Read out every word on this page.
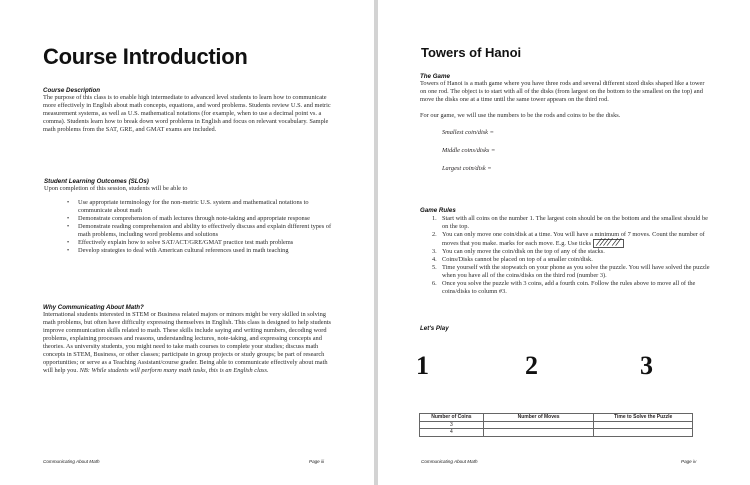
Course Introduction
Course Description
The purpose of this class is to enable high intermediate to advanced level students to learn how to communicate more effectively in English about math concepts, equations, and word problems. Students review U.S. and metric measurement systems, as well as U.S. mathematical notations (for example, when to use a decimal point vs. a comma). Students learn how to break down word problems in English and focus on relevant vocabulary. Sample math problems from the SAT, GRE, and GMAT exams are included.
Student Learning Outcomes (SLOs)
Upon completion of this session, students will be able to
• Use appropriate terminology for the non-metric U.S. system and mathematical notations to communicate about math
• Demonstrate comprehension of math lectures through note-taking and appropriate response
• Demonstrate reading comprehension and ability to effectively discuss and explain different types of math problems, including word problems and solutions
• Effectively explain how to solve SAT/ACT/GRE/GMAT practice test math problems
• Develop strategies to deal with American cultural references used in math teaching
Why Communicating About Math?
International students interested in STEM or Business related majors or minors might be very skilled in solving math problems, but often have difficulty expressing themselves in English. This class is designed to help students improve communication skills related to math. These skills include saying and writing numbers, decoding word problems, explaining processes and reasons, understanding lectures, note-taking, and expressing concepts and theories. As university students, you might need to take math courses to complete your studies; discuss math concepts in STEM, Business, or other classes; participate in group projects or study groups; be part of research opportunities; or serve as a Teaching Assistant/course grader. Being able to communicate effectively about math will help you. NB: While students will perform many math tasks, this is an English class.
Communicating About Math	Page iii
Towers of Hanoi
The Game
Towers of Hanoi is a math game where you have three rods and several different sized disks shaped like a tower on one rod. The object is to start with all of the disks (from largest on the bottom to the smallest on the top) and move the disks one at a time until the same tower appears on the third rod.
For our game, we will use the numbers to be the rods and coins to be the disks.
Smallest coin/disk =
Middle coins/disks =
Largest coin/disk =
Game Rules
1. Start with all coins on the number 1. The largest coin should be on the bottom and the smallest should be on the top.
2. You can only move one coin/disk at a time. You will have a minimum of 7 moves. Count the number of moves that you make. marks for each move. E.g. Use ticks ╱╱╱╱ ╱╱
3. You can only move the coin/disk on the top of any of the stacks.
4. Coins/Disks cannot be placed on top of a smaller coin/disk.
5. Time yourself with the stopwatch on your phone as you solve the puzzle. You will have solved the puzzle when you have all of the coins/disks on the third rod (number 3).
6. Once you solve the puzzle with 3 coins, add a fourth coin. Follow the rules above to move all of the coins/disks to column #3.
Let's Play
1	2	3
Number of Coins	Number of Moves	Time to Solve the Puzzle
3		
4		
Communicating About Math	Page iv
